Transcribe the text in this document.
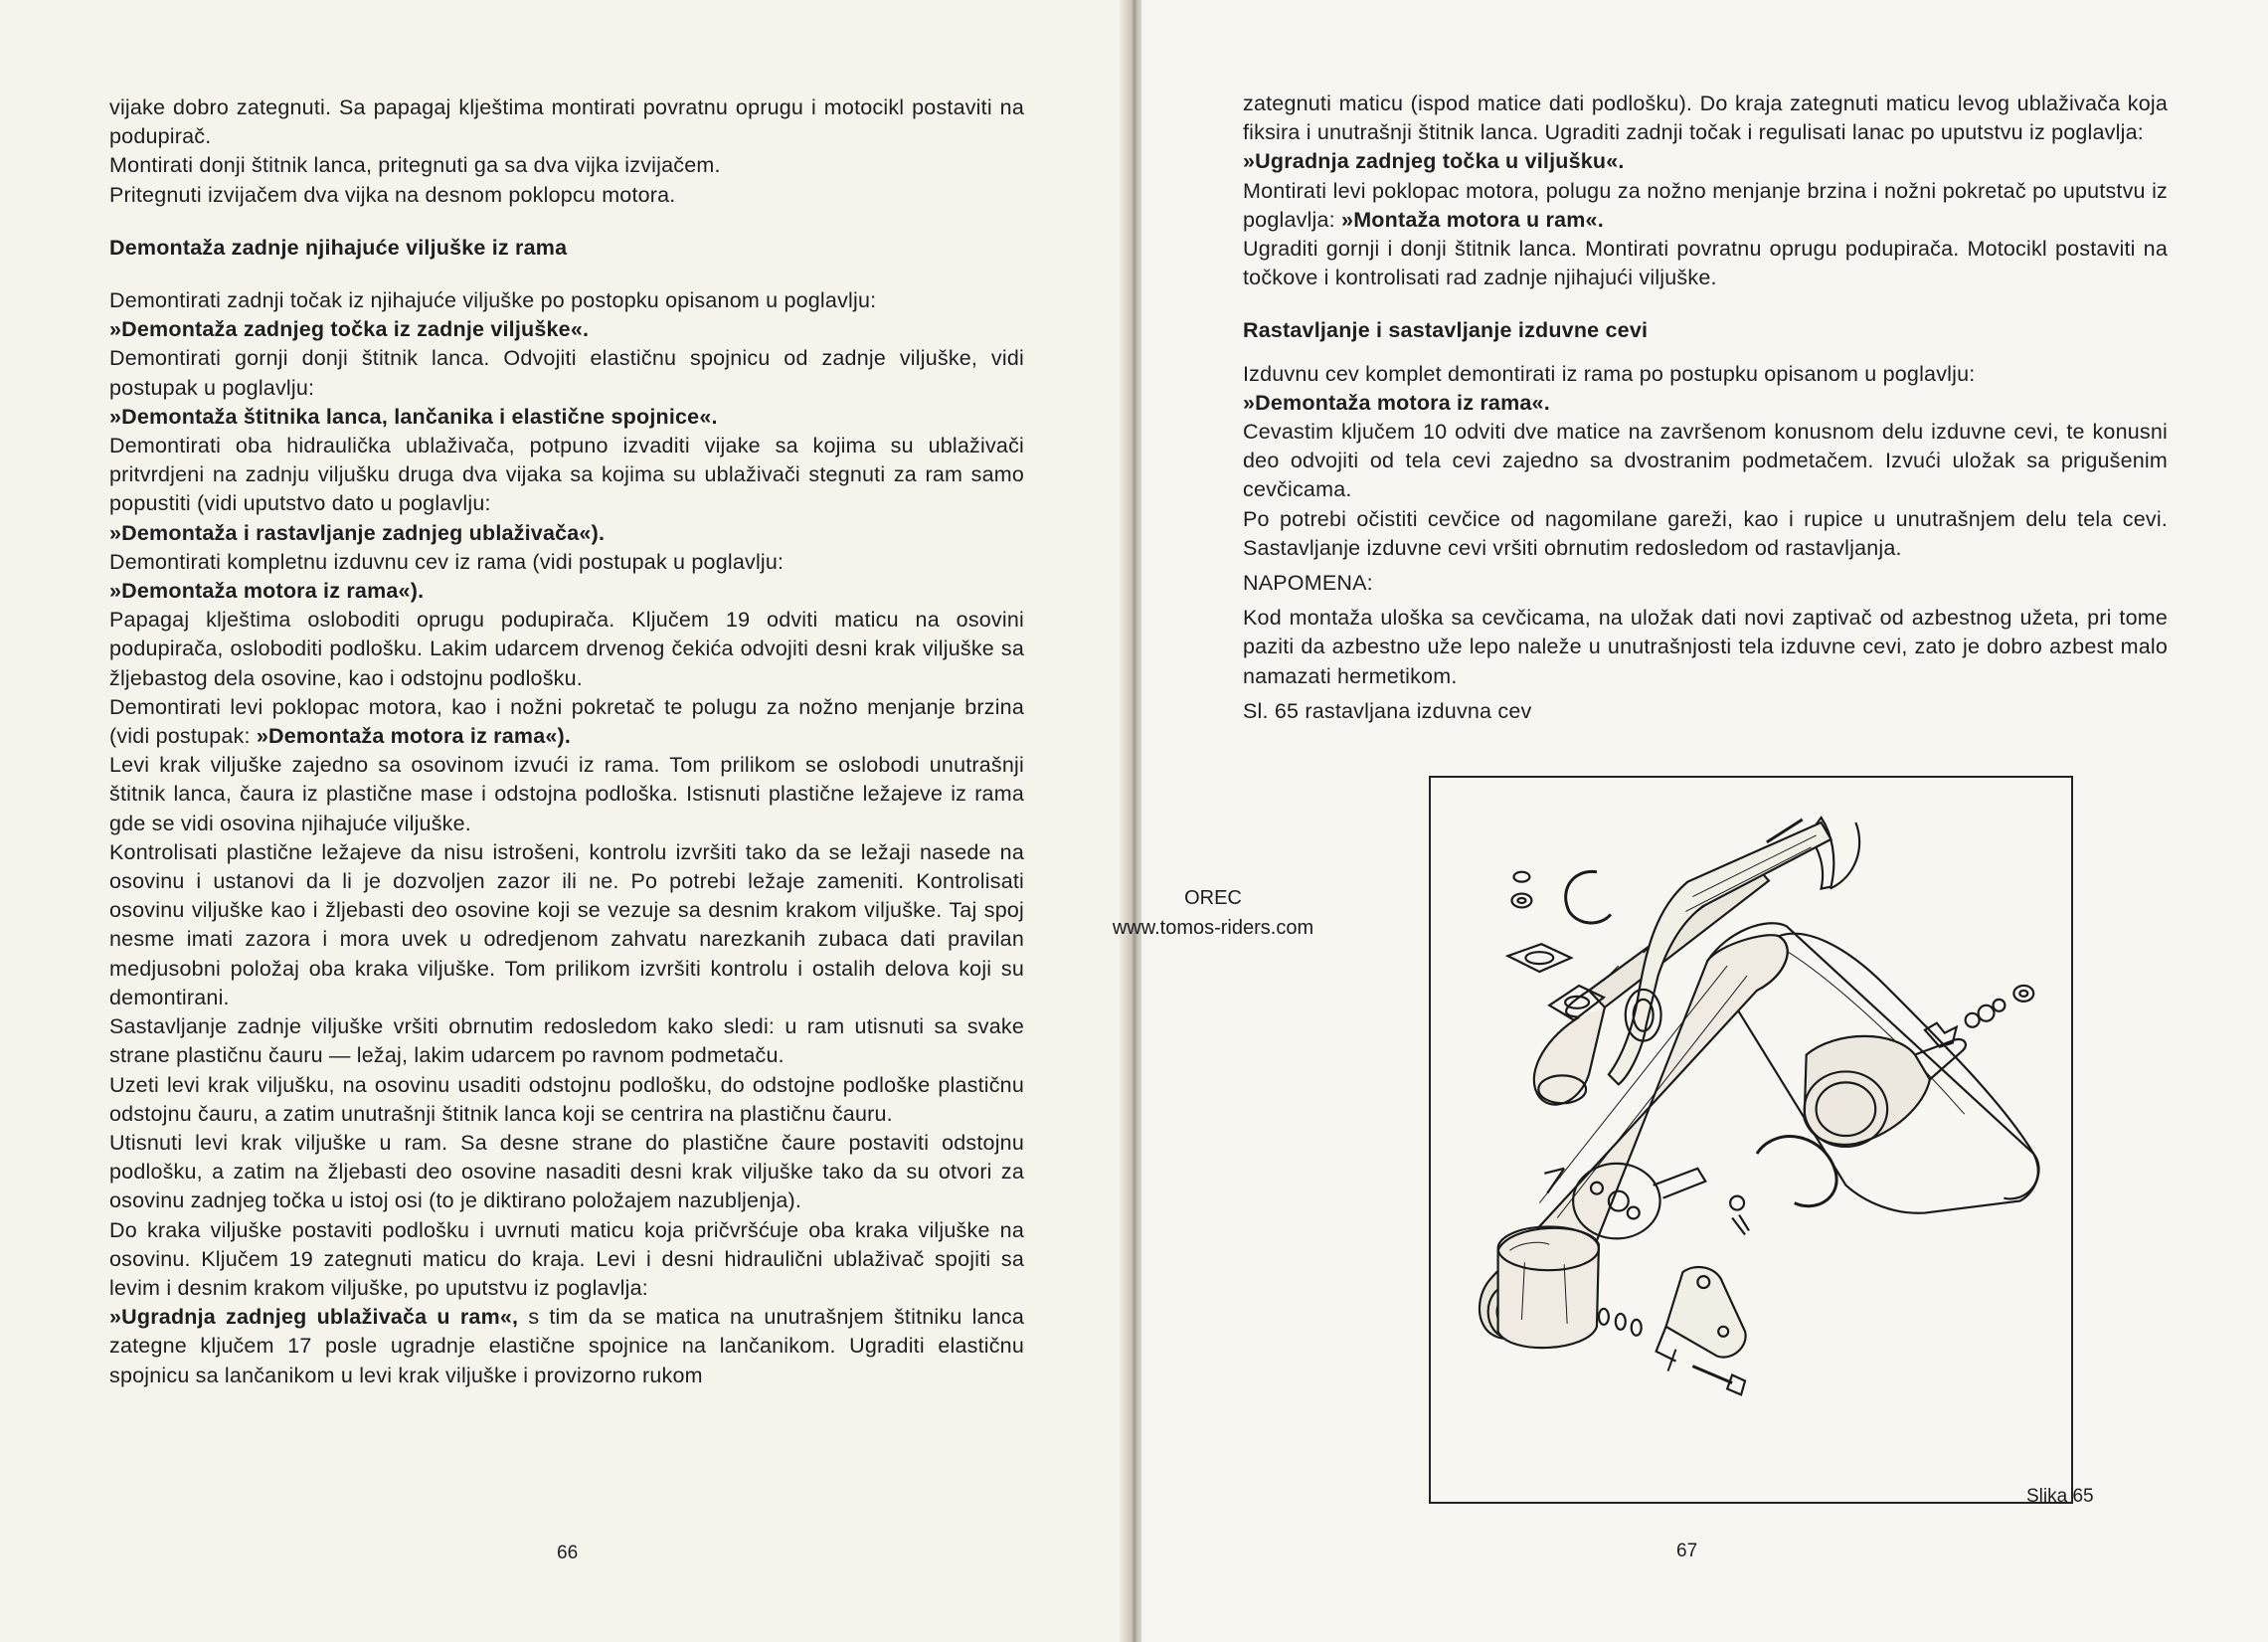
vijake dobro zategnuti. Sa papagaj klještima montirati povratnu oprugu i motocikl postaviti na podupirač.

Montirati donji štitnik lanca, pritegnuti ga sa dva vijka izvijačem.

Pritegnuti izvijačem dva vijka na desnom poklopcu motora.

Demontaža zadnje njihajuće viljuške iz rama

Demontirati zadnji točak iz njihajuće viljuške po postopku opisanom u poglavlju:

»Demontaža zadnjeg točka iz zadnje viljuške«.

Demontirati gornji donji štitnik lanca. Odvojiti elastičnu spojnicu od zadnje viljuške, vidi postupak u poglavlju:

»Demontaža štitnika lanca, lančanika i elastične spojnice«.

Demontirati oba hidraulička ublaživača, potpuno izvaditi vijake sa kojima su ublaživači pritvrdjeni na zadnju viljušku druga dva vijaka sa kojima su ublaživači stegnuti za ram samo popustiti (vidi uputstvo dato u poglavlju:

»Demontaža i rastavljanje zadnjeg ublaživača«).

Demontirati kompletnu izduvnu cev iz rama (vidi postupak u poglavlju:

»Demontaža motora iz rama«).

Papagaj klještima osloboditi oprugu podupirača. Ključem 19 odviti maticu na osovini podupirača, osloboditi podlošku. Lakim udarcem drvenog čekića odvojiti desni krak viljuške sa žljebastog dela osovine, kao i odstojnu podlošku.

Demontirati levi poklopac motora, kao i nožni pokretač te polugu za nožno menjanje brzina (vidi postupak: »Demontaža motora iz rama«).

Levi krak viljuške zajedno sa osovinom izvući iz rama. Tom prilikom se oslobodi unutrašnji štitnik lanca, čaura iz plastične mase i odstojna podloška. Istisnuti plastične ležajeve iz rama gde se vidi osovina njihajuće viljuške.

Kontrolisati plastične ležajeve da nisu istrošeni, kontrolu izvršiti tako da se ležaji nasede na osovinu i ustanovi da li je dozvoljen zazor ili ne. Po potrebi ležaje zameniti. Kontrolisati osovinu viljuške kao i žljebasti deo osovine koji se vezuje sa desnim krakom viljuške. Taj spoj nesme imati zazora i mora uvek u odredjenom zahvatu narezkanih zubaca dati pravilan medjusobni položaj oba kraka viljuške. Tom prilikom izvršiti kontrolu i ostalih delova koji su demontirani.

Sastavljanje zadnje viljuške vršiti obrnutim redosledom kako sledi: u ram utisnuti sa svake strane plastičnu čauru — ležaj, lakim udarcem po ravnom podmetaču.

Uzeti levi krak viljušku, na osovinu usaditi odstojnu podlošku, do odstojne podloške plastičnu odstojnu čauru, a zatim unutrašnji štitnik lanca koji se centrira na plastičnu čauru.

Utisnuti levi krak viljuške u ram. Sa desne strane do plastične čaure postaviti odstojnu podlošku, a zatim na žljebasti deo osovine nasaditi desni krak viljuške tako da su otvori za osovinu zadnjeg točka u istoj osi (to je diktirano položajem nazubljenja).

Do kraka viljuške postaviti podlošku i uvrnuti maticu koja pričvršćuje oba kraka viljuške na osovinu. Ključem 19 zategnuti maticu do kraja. Levi i desni hidraulični ublaživač spojiti sa levim i desnim krakom viljuške, po uputstvu iz poglavlja:

»Ugradnja zadnjeg ublaživača u ram«, s tim da se matica na unutrašnjem štitniku lanca zategne ključem 17 posle ugradnje elastične spojnice na lančanikom. Ugraditi elastičnu spojnicu sa lančanikom u levi krak viljuške i provizorno rukom

66

zategnuti maticu (ispod matice dati podlošku). Do kraja zategnuti maticu levog ublaživača koja fiksira i unutrašnji štitnik lanca. Ugraditi zadnji točak i regulisati lanac po uputstvu iz poglavlja:

»Ugradnja zadnjeg točka u viljušku«.

Montirati levi poklopac motora, polugu za nožno menjanje brzina i nožni pokretač po uputstvu iz poglavlja: »Montaža motora u ram«.

Ugraditi gornji i donji štitnik lanca. Montirati povratnu oprugu podupirača. Motocikl postaviti na točkove i kontrolisati rad zadnje njihajući viljuške.

Rastavljanje i sastavljanje izduvne cevi

Izduvnu cev komplet demontirati iz rama po postupku opisanom u poglavlju:

»Demontaža motora iz rama«.

Cevastim ključem 10 odviti dve matice na završenom konusnom delu izduvne cevi, te konusni deo odvojiti od tela cevi zajedno sa dvostranim podmetačem. Izvući uložak sa prigušenim cevčicama.

Po potrebi očistiti cevčice od nagomilane gareži, kao i rupice u unutrašnjem delu tela cevi. Sastavljanje izduvne cevi vršiti obrnutim redosledom od rastavljanja.

NAPOMENA:

Kod montaža uloška sa cevčicama, na uložak dati novi zaptivač od azbestnog užeta, pri tome paziti da azbestno uže lepo naleže u unutrašnjosti tela izduvne cevi, zato je dobro azbest malo namazati hermetikom.

Sl. 65 rastavljana izduvna cev

Slika 65
67
OREC
www.tomos-riders.com
